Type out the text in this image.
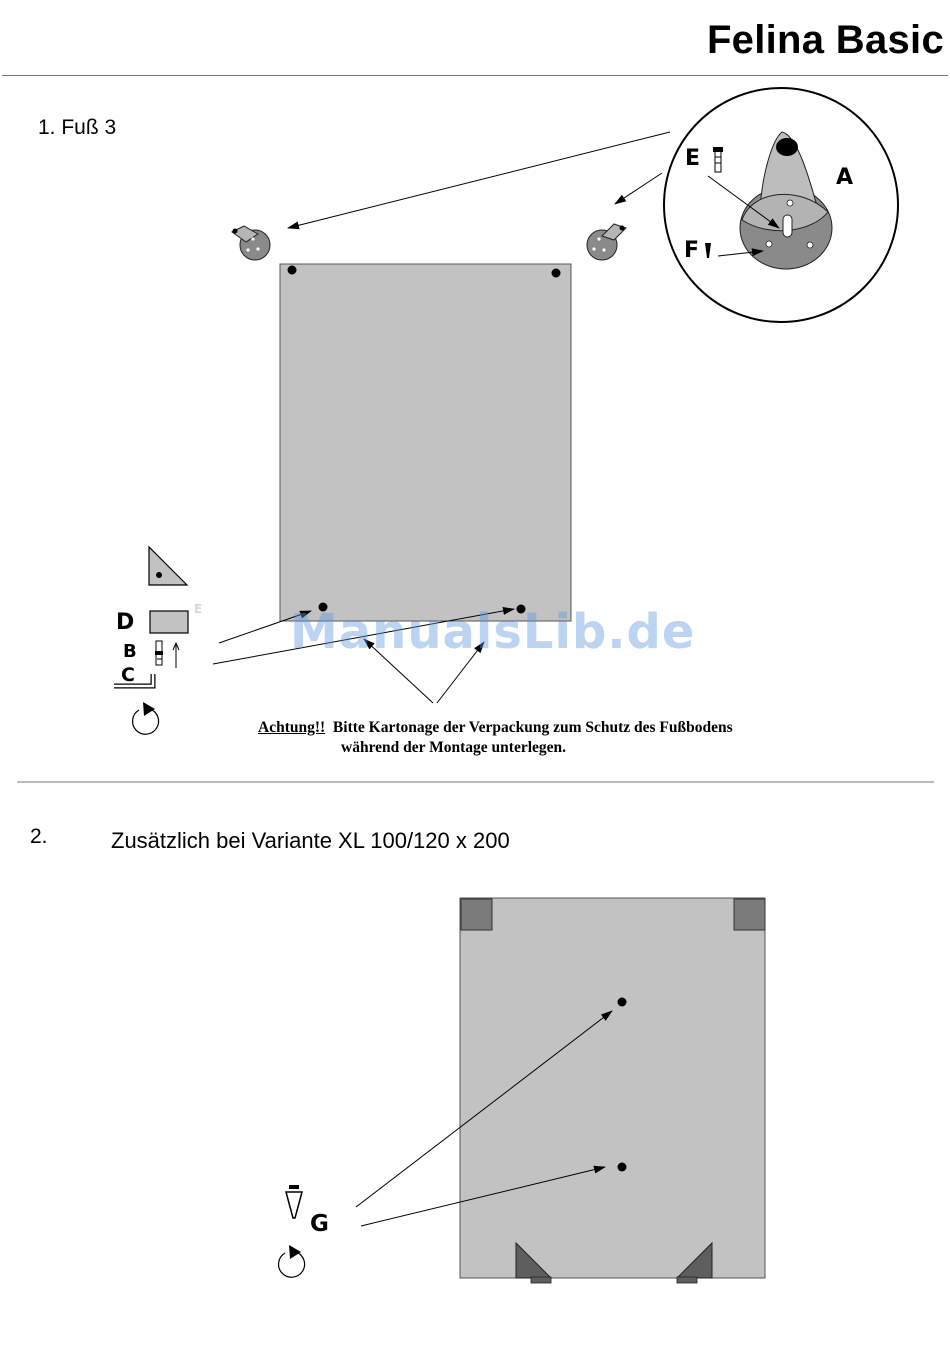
Felina Basic
1. Fuß 3
E
A
F
D
E
B
C
G
Achtung!! Bitte Kartonage der Verpackung zum Schutz des Fußbodens
während der Montage unterlegen.
2.	Zusätzlich bei Variante XL 100/120 x 200
ManualsLib.de
